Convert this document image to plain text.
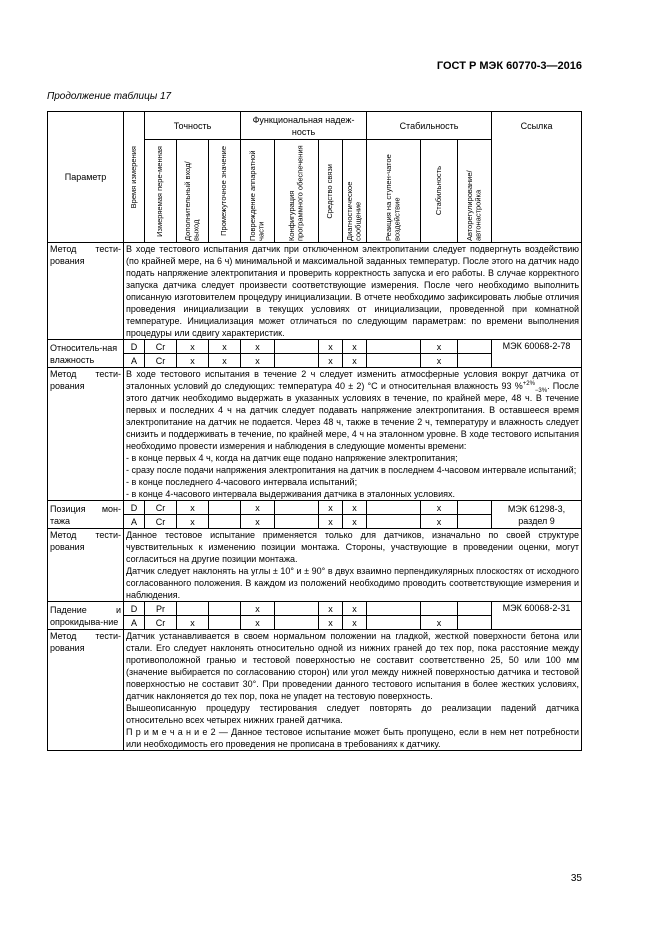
ГОСТ Р МЭК 60770-3—2016
Продолжение таблицы 17
Параметр	Время измерения	Точность			Функциональная надеж-ность				Стабильность			Ссылка

		Измеряемая пере-менная	Дополнительный вход/выход	Промежуточное значение	Повреждение аппаратной части	Конфигурация программного обеспечения	Средство связи	Диагностическое сообщение	Реакция на ступен-чатое воздействие	Стабильность	Авторегулирование/ автонастройка	

Метод тести-рования	В ходе тестового испытания датчик при отключенном электропитании следует подвергнуть воздействию (по крайней мере, на 6 ч) минимальной и максимальной заданных температур. После этого на датчик надо подать напряжение электропитания и проверить корректность запуска и его работы. В случае корректного запуска датчика следует произвести соответствующие измерения. После чего необходимо выполнить описанную изготовителем процедуру инициализации. В отчете необходимо зафиксировать любые отличия проведения инициализации в текущих условиях от инициализации, проведенной при комнатной температуре. Инициализация может отличаться по следующим параметрам: по времени выполнения процедуры или сдвигу характеристик.											
Относитель-ная влажность	D	Cr	x	x	x		x	x		x		МЭК 60068-2-78
	A	Cr	x	x	x		x	x		x		

Метод тести-рования	В ходе тестового испытания в течение 2 ч следует изменить атмосферные условия вокруг датчика от эталонных условий до следующих: температура 40 ± 2) °С и относительная влажность 93 %$^{+2\%}_{-3\%}$. После этого датчик необходимо выдержать в указанных условиях в течение, по крайней мере, 48 ч. В течение первых и последних 4 ч на датчик следует подавать напряжение электропитания. В оставшееся время электропитание на датчик не подается. Через 48 ч, также в течение 2 ч, температуру и влажность следует снизить и поддерживать в течение, по крайней мере, 4 ч на эталонном уровне. В ходе тестового испытания необходимо провести измерения и наблюдения в следующие моменты времени:
- в конце первых 4 ч, когда на датчик еще подано напряжение электропитания;
- сразу после подачи напряжения электропитания на датчик в последнем 4-часовом интервале испытаний;
- в конце последнего 4-часового интервала испытаний;
- в конце 4-часового интервала выдерживания датчика в эталонных условиях.											
Позиция мон-тажа	D	Cr	x		x		x	x		x		МЭК 61298-3, раздел 9
	A	Cr	x		x		x	x		x		

Метод тести-рования	Данное тестовое испытание применяется только для датчиков, изначально по своей структуре чувствительных к изменению позиции монтажа. Стороны, участвующие в проведении оценки, могут согласиться на другие позиции монтажа.
Датчик следует наклонять на углы ± 10° и ± 90° в двух взаимно перпендикулярных плоскостях от исходного согласованного положения. В каждом из положений необходимо проводить соответствующие измерения и наблюдения.											
Падение и опрокидыва-ние	D	Pr			x		x	x				МЭК 60068-2-31
	A	Cr	x		x		x	x		x		

Метод тести-рования	Датчик устанавливается в своем нормальном положении на гладкой, жесткой поверхности бетона или стали. Его следует наклонять относительно одной из нижних граней до тех пор, пока расстояние между противоположной гранью и тестовой поверхностью не составит соответственно 25, 50 или 100 мм (значение выбирается по согласованию сторон) или угол между нижней поверхностью датчика и тестовой поверхностью не составит 30°. При проведении данного тестового испытания в более жестких условиях, датчик наклоняется до тех пор, пока не упадет на тестовую поверхность.
Вышеописанную процедуру тестирования следует повторять до реализации падений датчика относительно всех четырех нижних граней датчика.
П р и м е ч а н и е 2 — Данное тестовое испытание может быть пропущено, если в нем нет потребности или необходимость его проведения не прописана в требованиях к датчику.											
35
